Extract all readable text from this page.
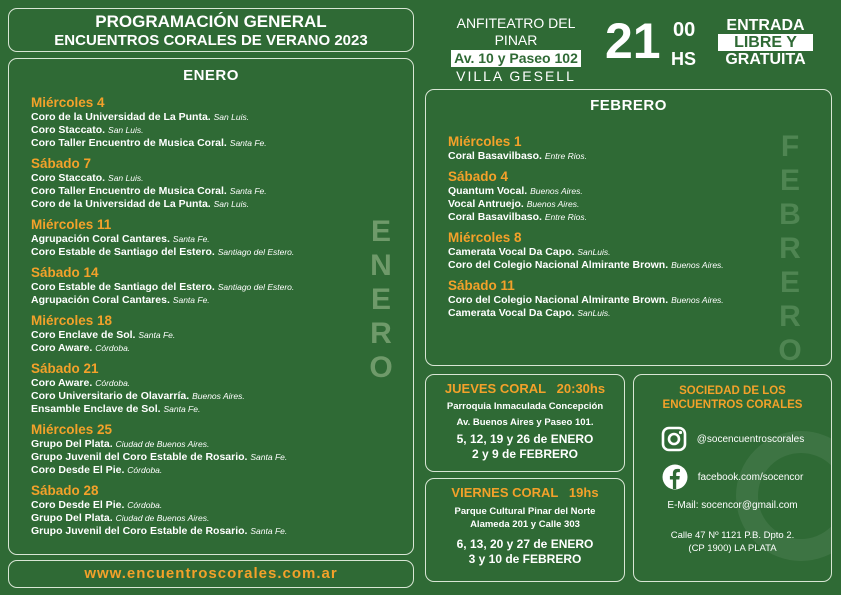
PROGRAMACIÓN GENERAL
ENCUENTROS CORALES DE VERANO 2023
ENERO
Miércoles 4
Coro de la Universidad de La Punta. San Luis.
Coro Staccato. San Luis.
Coro Taller Encuentro de Musica Coral. Santa Fe.
Sábado 7
Coro Staccato. San Luis.
Coro Taller Encuentro de Musica Coral. Santa Fe.
Coro de la Universidad de La Punta. San Luis.
Miércoles 11
Agrupación Coral Cantares. Santa Fe.
Coro Estable de Santiago del Estero. Santiago del Estero.
Sábado 14
Coro Estable de Santiago del Estero. Santiago del Estero.
Agrupación Coral Cantares. Santa Fe.
Miércoles 18
Coro Enclave de Sol. Santa Fe.
Coro Aware. Córdoba.
Sábado 21
Coro Aware. Córdoba.
Coro Universitario de Olavarría. Buenos Aires.
Ensamble Enclave de Sol. Santa Fe.
Miércoles 25
Grupo Del Plata. Ciudad de Buenos Aires.
Grupo Juvenil del Coro Estable de Rosario. Santa Fe.
Coro Desde El Pie. Córdoba.
Sábado 28
Coro Desde El Pie. Córdoba.
Grupo Del Plata. Ciudad de Buenos Aires.
Grupo Juvenil del Coro Estable de Rosario. Santa Fe.
E
N
E
R
O
www.encuentroscorales.com.ar
ANFITEATRO DEL PINAR
Av. 10 y Paseo 102
VILLA GESELL
21 00
HS
ENTRADA
LIBRE Y
GRATUITA
FEBRERO
Miércoles 1
Coral Basavilbaso. Entre Rios.
Sábado 4
Quantum Vocal. Buenos Aires.
Vocal Antruejo. Buenos Aires.
Coral Basavilbaso. Entre Rios.
Miércoles 8
Camerata Vocal Da Capo. SanLuis.
Coro del Colegio Nacional Almirante Brown. Buenos Aires.
Sábado 11
Coro del Colegio Nacional Almirante Brown. Buenos Aires.
Camerata Vocal Da Capo. SanLuis.
F
E
B
R
E
R
O
JUEVES CORAL   20:30hs
Parroquia Inmaculada Concepción
Av. Buenos Aires y Paseo 101.
5, 12, 19 y 26 de ENERO
2 y 9 de FEBRERO
VIERNES CORAL   19hs
Parque Cultural Pinar del Norte
Alameda 201 y Calle 303
6, 13, 20 y 27 de ENERO
3 y 10 de FEBRERO
SOCIEDAD DE LOS
ENCUENTROS CORALES
@socencuentroscorales
facebook.com/socencor
E-Mail: socencor@gmail.com
Calle 47 Nº 1121 P.B. Dpto 2.
(CP 1900) LA PLATA
